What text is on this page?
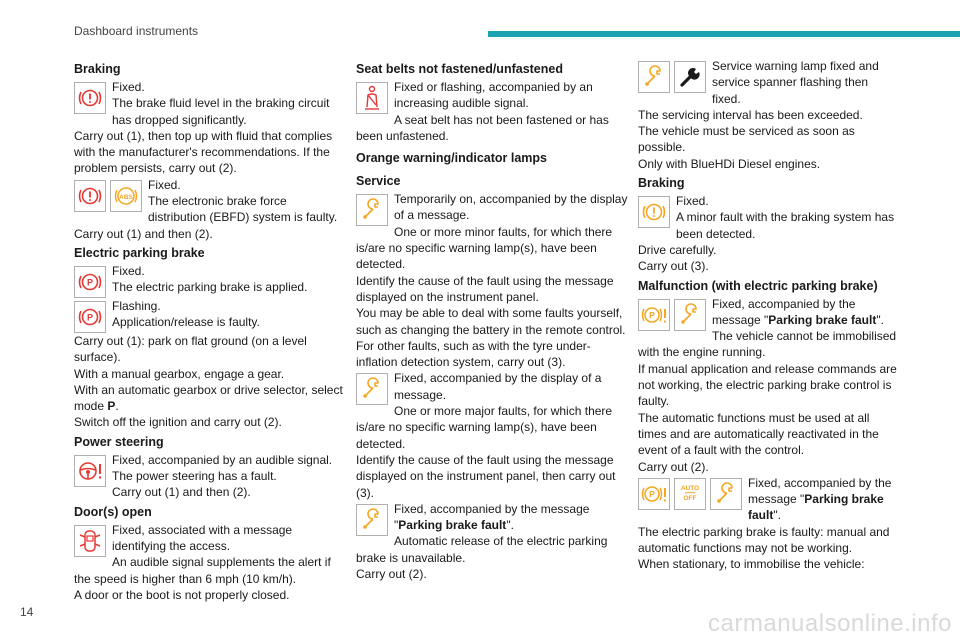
Dashboard instruments
Braking

Fixed.

The brake fluid level in the braking circuit has dropped significantly.

Carry out (1), then top up with fluid that complies with the manufacturer's recommendations. If the problem persists, carry out (2).

ABS

Fixed.

The electronic brake force distribution (EBFD) system is faulty.

Carry out (1) and then (2).

Electric parking brake
P

Fixed.

The electric parking brake is applied.

P

Flashing.

Application/release is faulty.

Carry out (1): park on flat ground (on a level surface).

With a manual gearbox, engage a gear.

With an automatic gearbox or drive selector, select mode P.

Switch off the ignition and carry out (2).

Power steering

Fixed, accompanied by an audible signal.

The power steering has a fault.

Carry out (1) and then (2).

Door(s) open

Fixed, associated with a message identifying the access.

An audible signal supplements the alert if the speed is higher than 6 mph (10 km/h).

A door or the boot is not properly closed.

Seat belts not fastened/unfastened

Fixed or flashing, accompanied by an increasing audible signal.

A seat belt has not been fastened or has been unfastened.

Orange warning/indicator lamps
Service

Temporarily on, accompanied by the display of a message.

One or more minor faults, for which there is/are no specific warning lamp(s), have been detected.

Identify the cause of the fault using the message displayed on the instrument panel.

You may be able to deal with some faults yourself, such as changing the battery in the remote control.

For other faults, such as with the tyre under-inflation detection system, carry out (3).

Fixed, accompanied by the display of a message.

One or more major faults, for which there is/are no specific warning lamp(s), have been detected.

Identify the cause of the fault using the message displayed on the instrument panel, then carry out (3).

Fixed, accompanied by the message "Parking brake fault".

Automatic release of the electric parking brake is unavailable.

Carry out (2).

Service warning lamp fixed and service spanner flashing then fixed.

The servicing interval has been exceeded.

The vehicle must be serviced as soon as possible.

Only with BlueHDi Diesel engines.

Braking

Fixed.

A minor fault with the braking system has been detected.

Drive carefully.

Carry out (3).

Malfunction (with electric parking brake)
P

Fixed, accompanied by the message "Parking brake fault".

The vehicle cannot be immobilised with the engine running.

If manual application and release commands are not working, the electric parking brake control is faulty.

The automatic functions must be used at all times and are automatically reactivated in the event of a fault with the control.

Carry out (2).

P
AUTO
OFF

Fixed, accompanied by the message "Parking brake fault".

The electric parking brake is faulty: manual and automatic functions may not be working.

When stationary, to immobilise the vehicle:

14	carmanualsonline.info
